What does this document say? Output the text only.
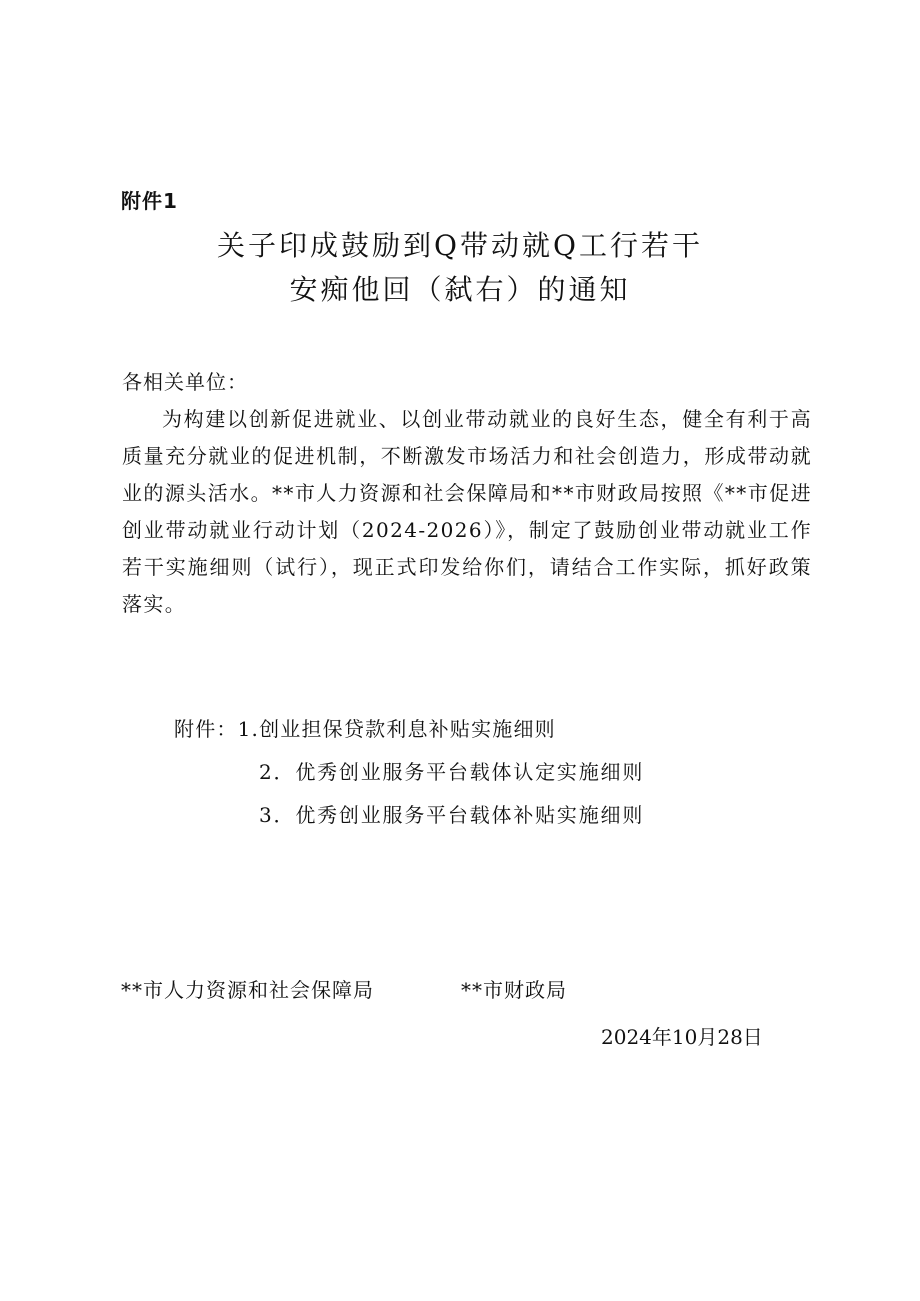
附件1
关子印成鼓励到Q带动就Q工行若干
安痴他回（弑右）的通知
各相关单位：

为构建以创新促进就业、以创业带动就业的良好生态，健全有利于高质量充分就业的促进机制，不断激发市场活力和社会创造力，形成带动就业的源头活水。**市人力资源和社会保障局和**市财政局按照《**市促进创业带动就业行动计划（2024-2026）》，制定了鼓励创业带动就业工作若干实施细则（试行），现正式印发给你们，请结合工作实际，抓好政策落实。

附件：1.创业担保贷款利息补贴实施细则
2．优秀创业服务平台载体认定实施细则
3．优秀创业服务平台载体补贴实施细则
**市人力资源和社会保障局	**市财政局
2024年10月28日
